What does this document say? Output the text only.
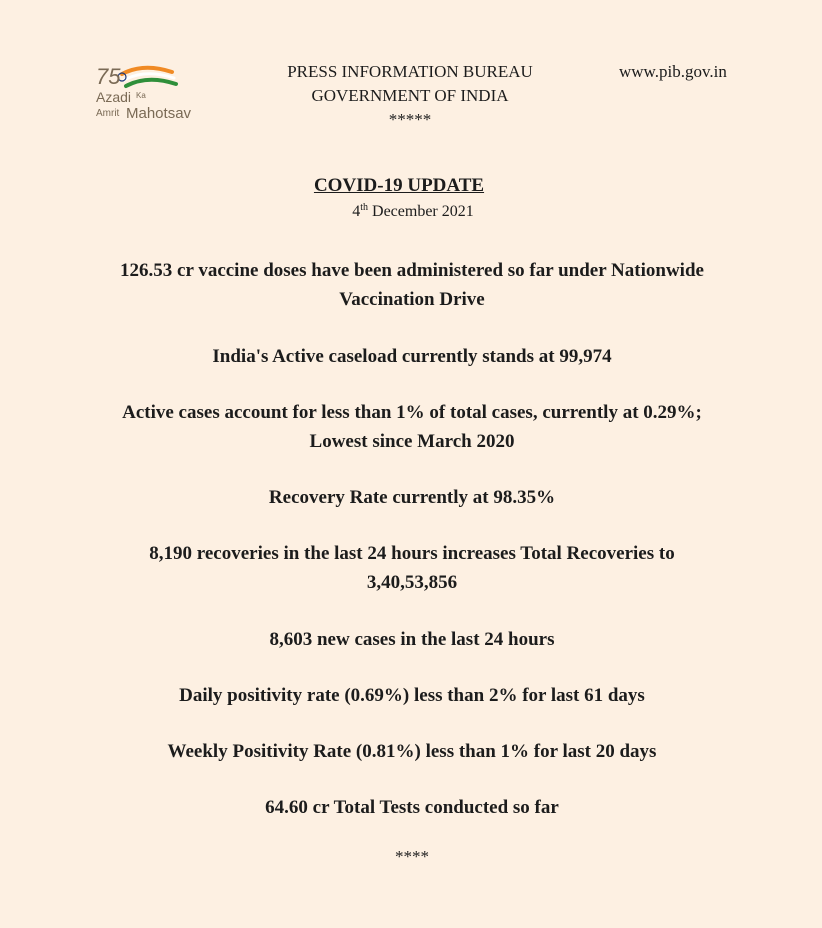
75
Azadi Ka
Amrit Mahotsav
PRESS INFORMATION BUREAU
GOVERNMENT OF INDIA
*****
www.pib.gov.in
COVID-19 UPDATE
4th December 2021

126.53 cr vaccine doses have been administered so far under Nationwide
Vaccination Drive

India's Active caseload currently stands at 99,974

Active cases account for less than 1% of total cases, currently at 0.29%;
Lowest since March 2020

Recovery Rate currently at 98.35%

8,190 recoveries in the last 24 hours increases Total Recoveries to
3,40,53,856

8,603 new cases in the last 24 hours

Daily positivity rate (0.69%) less than 2% for last 61 days

Weekly Positivity Rate (0.81%) less than 1% for last 20 days

64.60 cr Total Tests conducted so far

****
